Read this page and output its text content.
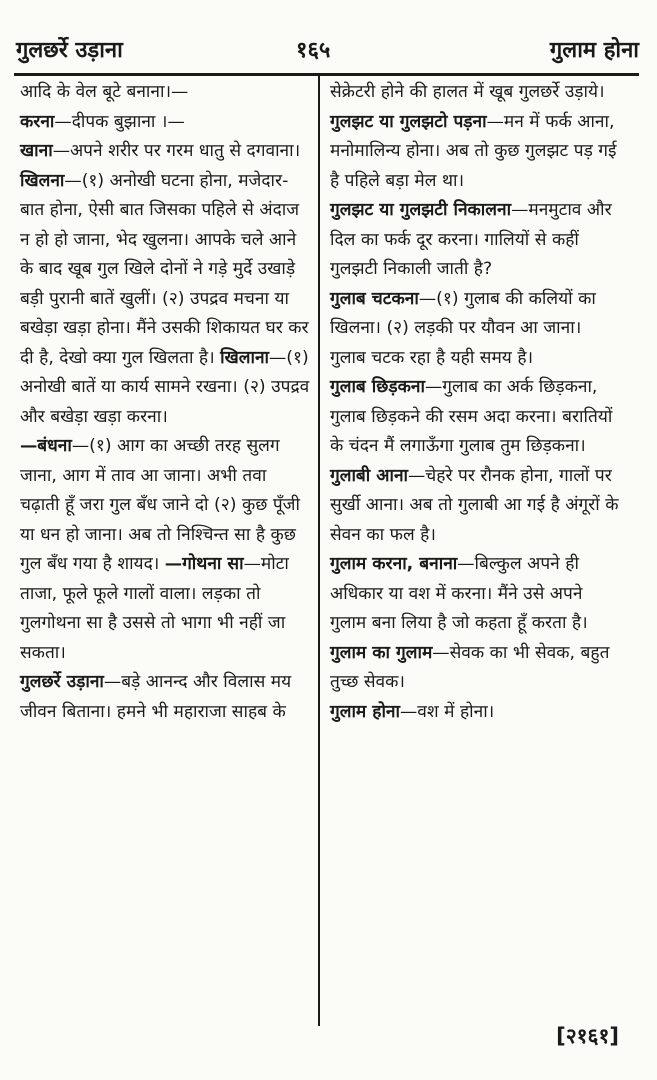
गुलछर्रे उड़ाना	१६५	गुलाम होना

आदि के वेल बूटे बनाना।—

करना—दीपक बुझाना ।—

खाना—अपने शरीर पर गरम धातु से दगवाना। खिलना—(१) अनोखी घटना होना, मजेदार-बात होना, ऐसी बात जिसका पहिले से अंदाज न हो हो जाना, भेद खुलना। आपके चले आने के बाद खूब गुल खिले दोनों ने गड़े मुर्दे उखाड़े बड़ी पुरानी बातें खुलीं। (२) उपद्रव मचना या बखेड़ा खड़ा होना। मैंने उसकी शिकायत घर कर दी है, देखो क्या गुल खिलता है। खिलाना—(१) अनोखी बातें या कार्य सामने रखना। (२) उपद्रव और बखेड़ा खड़ा करना।

—बंधना—(१) आग का अच्छी तरह सुलग जाना, आग में ताव आ जाना। अभी तवा चढ़ाती हूँ जरा गुल बँध जाने दो (२) कुछ पूँजी या धन हो जाना। अब तो निश्चिन्त सा है कुछ गुल बँध गया है शायद। —गोथना सा—मोटा ताजा, फूले फूले गालों वाला। लड़का तो गुलगोथना सा है उससे तो भागा भी नहीं जा सकता।

गुलछर्रे उड़ाना—बड़े आनन्द और विलास मय जीवन बिताना। हमने भी महाराजा साहब के

सेक्रेटरी होने की हालत में खूब गुलछर्रे उड़ाये।

गुलझट या गुलझटो पड़ना—मन में फर्क आना, मनोमालिन्य होना। अब तो कुछ गुलझट पड़ गई है पहिले बड़ा मेल था।

गुलझट या गुलझटी निकालना—मनमुटाव और दिल का फर्क दूर करना। गालियों से कहीं गुलझटी निकाली जाती है?

गुलाब चटकना—(१) गुलाब की कलियों का खिलना। (२) लड़की पर यौवन आ जाना। गुलाब चटक रहा है यही समय है।

गुलाब छिड़कना—गुलाब का अर्क छिड़कना, गुलाब छिड़कने की रसम अदा करना। बरातियों के चंदन मैं लगाऊँगा गुलाब तुम छिड़कना।

गुलाबी आना—चेहरे पर रौनक होना, गालों पर सुर्खी आना। अब तो गुलाबी आ गई है अंगूरों के सेवन का फल है।

गुलाम करना, बनाना—बिल्कुल अपने ही अधिकार या वश में करना। मैंने उसे अपने गुलाम बना लिया है जो कहता हूँ करता है।

गुलाम का गुलाम—सेवक का भी सेवक, बहुत तुच्छ सेवक।

गुलाम होना—वश में होना।

[२१६१]
